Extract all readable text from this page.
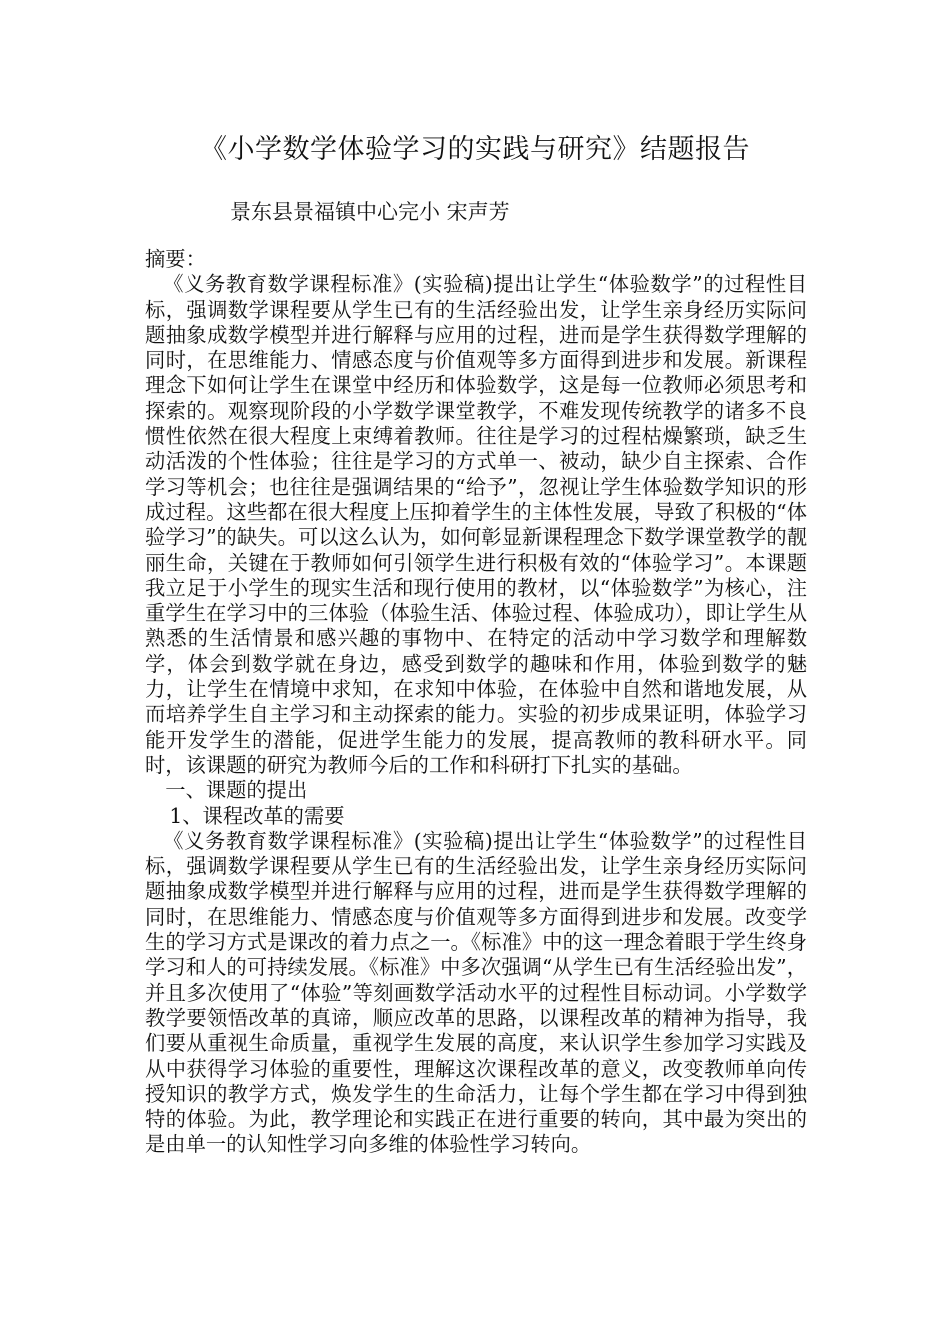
《小学数学体验学习的实践与研究》结题报告
景东县景福镇中心完小 宋声芳

摘要：

《义务教育数学课程标准》(实验稿)提出让学生“体验数学”的过程性目标，强调数学课程要从学生已有的生活经验出发，让学生亲身经历实际问题抽象成数学模型并进行解释与应用的过程，进而是学生获得数学理解的同时，在思维能力、情感态度与价值观等多方面得到进步和发展。新课程理念下如何让学生在课堂中经历和体验数学，这是每一位教师必须思考和探索的。观察现阶段的小学数学课堂教学，不难发现传统教学的诸多不良惯性依然在很大程度上束缚着教师。往往是学习的过程枯燥繁琐，缺乏生动活泼的个性体验；往往是学习的方式单一、被动，缺少自主探索、合作学习等机会；也往往是强调结果的“给予”，忽视让学生体验数学知识的形成过程。这些都在很大程度上压抑着学生的主体性发展，导致了积极的“体验学习”的缺失。可以这么认为，如何彰显新课程理念下数学课堂教学的靓丽生命，关键在于教师如何引领学生进行积极有效的“体验学习”。本课题我立足于小学生的现实生活和现行使用的教材，以“体验数学”为核心，注重学生在学习中的三体验（体验生活、体验过程、体验成功），即让学生从熟悉的生活情景和感兴趣的事物中、在特定的活动中学习数学和理解数学，体会到数学就在身边，感受到数学的趣味和作用，体验到数学的魅力，让学生在情境中求知，在求知中体验，在体验中自然和谐地发展，从而培养学生自主学习和主动探索的能力。实验的初步成果证明，体验学习能开发学生的潜能，促进学生能力的发展，提高教师的教科研水平。同时，该课题的研究为教师今后的工作和科研打下扎实的基础。

一、课题的提出

1、课程改革的需要

《义务教育数学课程标准》(实验稿)提出让学生“体验数学”的过程性目标，强调数学课程要从学生已有的生活经验出发，让学生亲身经历实际问题抽象成数学模型并进行解释与应用的过程，进而是学生获得数学理解的同时，在思维能力、情感态度与价值观等多方面得到进步和发展。改变学生的学习方式是课改的着力点之一。《标准》中的这一理念着眼于学生终身学习和人的可持续发展。《标准》中多次强调“从学生已有生活经验出发”，并且多次使用了“体验”等刻画数学活动水平的过程性目标动词。小学数学教学要领悟改革的真谛，顺应改革的思路，以课程改革的精神为指导，我们要从重视生命质量，重视学生发展的高度，来认识学生参加学习实践及从中获得学习体验的重要性，理解这次课程改革的意义，改变教师单向传授知识的教学方式，焕发学生的生命活力，让每个学生都在学习中得到独特的体验。为此，教学理论和实践正在进行重要的转向，其中最为突出的是由单一的认知性学习向多维的体验性学习转向。
